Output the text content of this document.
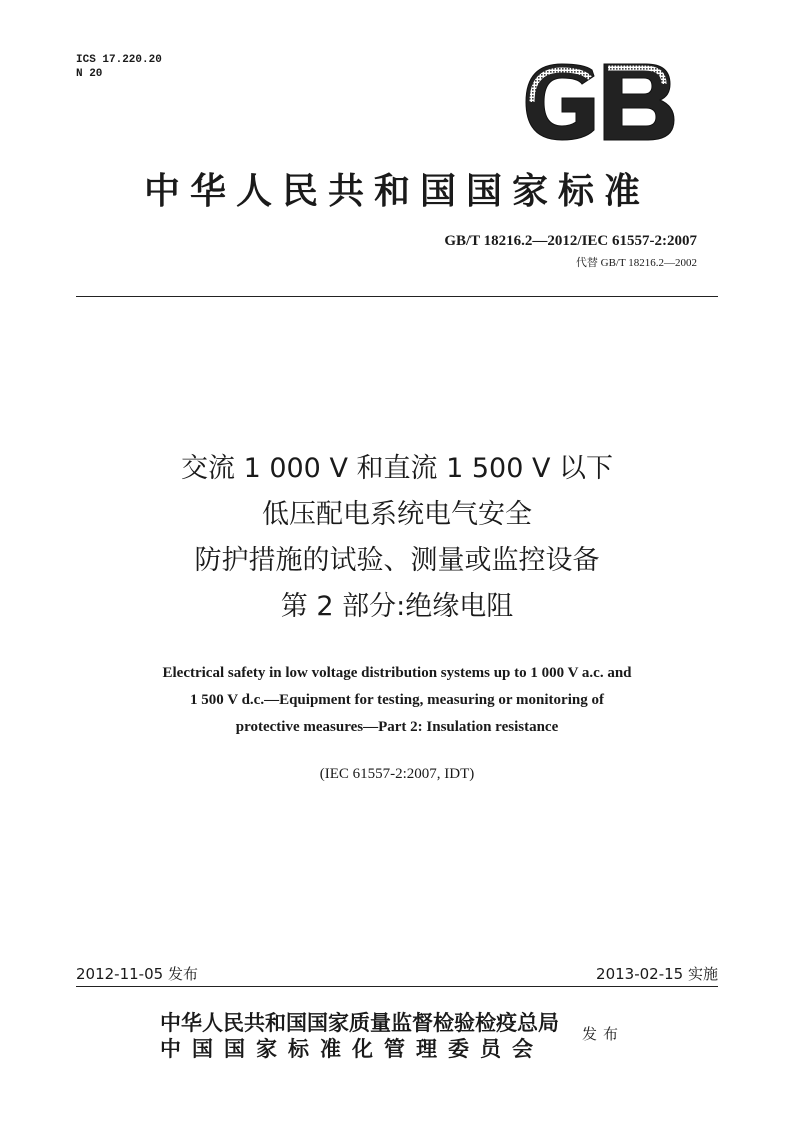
ICS 17.220.20
N 20
GB
中华人民共和国国家标准
GB/T 18216.2—2012/IEC 61557-2:2007
代替 GB/T 18216.2—2002
交流 1 000 V 和直流 1 500 V 以下
低压配电系统电气安全
防护措施的试验、测量或监控设备
第 2 部分:绝缘电阻
Electrical safety in low voltage distribution systems up to 1 000 V a.c. and
1 500 V d.c.—Equipment for testing, measuring or monitoring of
protective measures—Part 2: Insulation resistance
(IEC 61557-2:2007, IDT)
2012-11-05 发布	2013-02-15 实施
中华人民共和国国家质量监督检验检疫总局
中国国家标准化管理委员会
发布
